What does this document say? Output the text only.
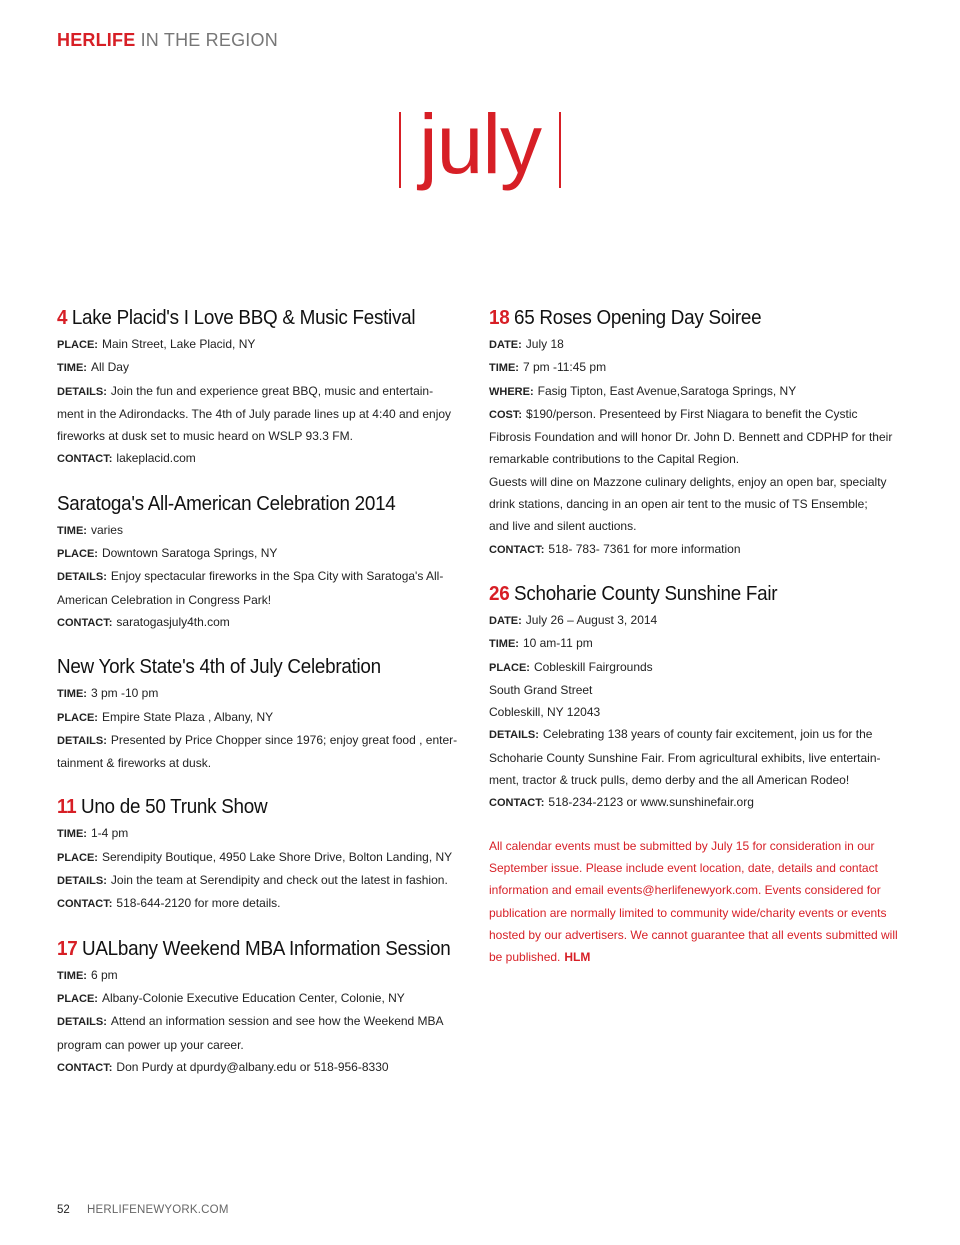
HERLIFE IN THE REGION
july
4 Lake Placid's I Love BBQ & Music Festival
PLACE: Main Street, Lake Placid, NY
TIME: All Day
DETAILS: Join the fun and experience great BBQ, music and entertain-
ment in the Adirondacks. The 4th of July parade lines up at 4:40 and enjoy
fireworks at dusk set to music heard on WSLP 93.3 FM.
CONTACT: lakeplacid.com
Saratoga's All-American Celebration 2014
TIME: varies
PLACE: Downtown Saratoga Springs, NY
DETAILS: Enjoy spectacular fireworks in the Spa City with Saratoga's All-
American Celebration in Congress Park!
CONTACT: saratogasjuly4th.com
New York State's 4th of July Celebration
TIME: 3 pm -10 pm
PLACE: Empire State Plaza , Albany, NY
DETAILS: Presented by Price Chopper since 1976; enjoy great food , enter-
tainment & fireworks at dusk.
11 Uno de 50 Trunk Show
TIME: 1-4 pm
PLACE: Serendipity Boutique, 4950 Lake Shore Drive, Bolton Landing, NY
DETAILS: Join the team at Serendipity and check out the latest in fashion.
CONTACT: 518-644-2120 for more details.
17 UALbany Weekend MBA Information Session
TIME: 6 pm
PLACE: Albany-Colonie Executive Education Center, Colonie, NY
DETAILS: Attend an information session and see how the Weekend MBA
program can power up your career.
CONTACT: Don Purdy at dpurdy@albany.edu or 518-956-8330
18 65 Roses Opening Day Soiree
DATE: July 18
TIME: 7 pm -11:45 pm
WHERE: Fasig Tipton, East Avenue,Saratoga Springs, NY
COST: $190/person. Presenteed by First Niagara to benefit the Cystic
Fibrosis Foundation and will honor Dr. John D. Bennett and CDPHP for their
remarkable contributions to the Capital Region.
Guests will dine on Mazzone culinary delights, enjoy an open bar, specialty
drink stations, dancing in an open air tent to the music of TS Ensemble;
and live and silent auctions.
CONTACT: 518- 783- 7361 for more information
26 Schoharie County Sunshine Fair
DATE: July 26 – August 3, 2014
TIME: 10 am-11 pm
PLACE: Cobleskill Fairgrounds
South Grand Street
Cobleskill, NY 12043
DETAILS: Celebrating 138 years of county fair excitement, join us for the
Schoharie County Sunshine Fair. From agricultural exhibits, live entertain-
ment, tractor & truck pulls, demo derby and the all American Rodeo!
CONTACT: 518-234-2123 or www.sunshinefair.org
All calendar events must be submitted by July 15 for consideration in our
September issue. Please include event location, date, details and contact
information and email events@herlifenewyork.com. Events considered for
publication are normally limited to community wide/charity events or events
hosted by our advertisers. We cannot guarantee that all events submitted will
be published. HLM
52 HERLIFENEWYORK.COM
